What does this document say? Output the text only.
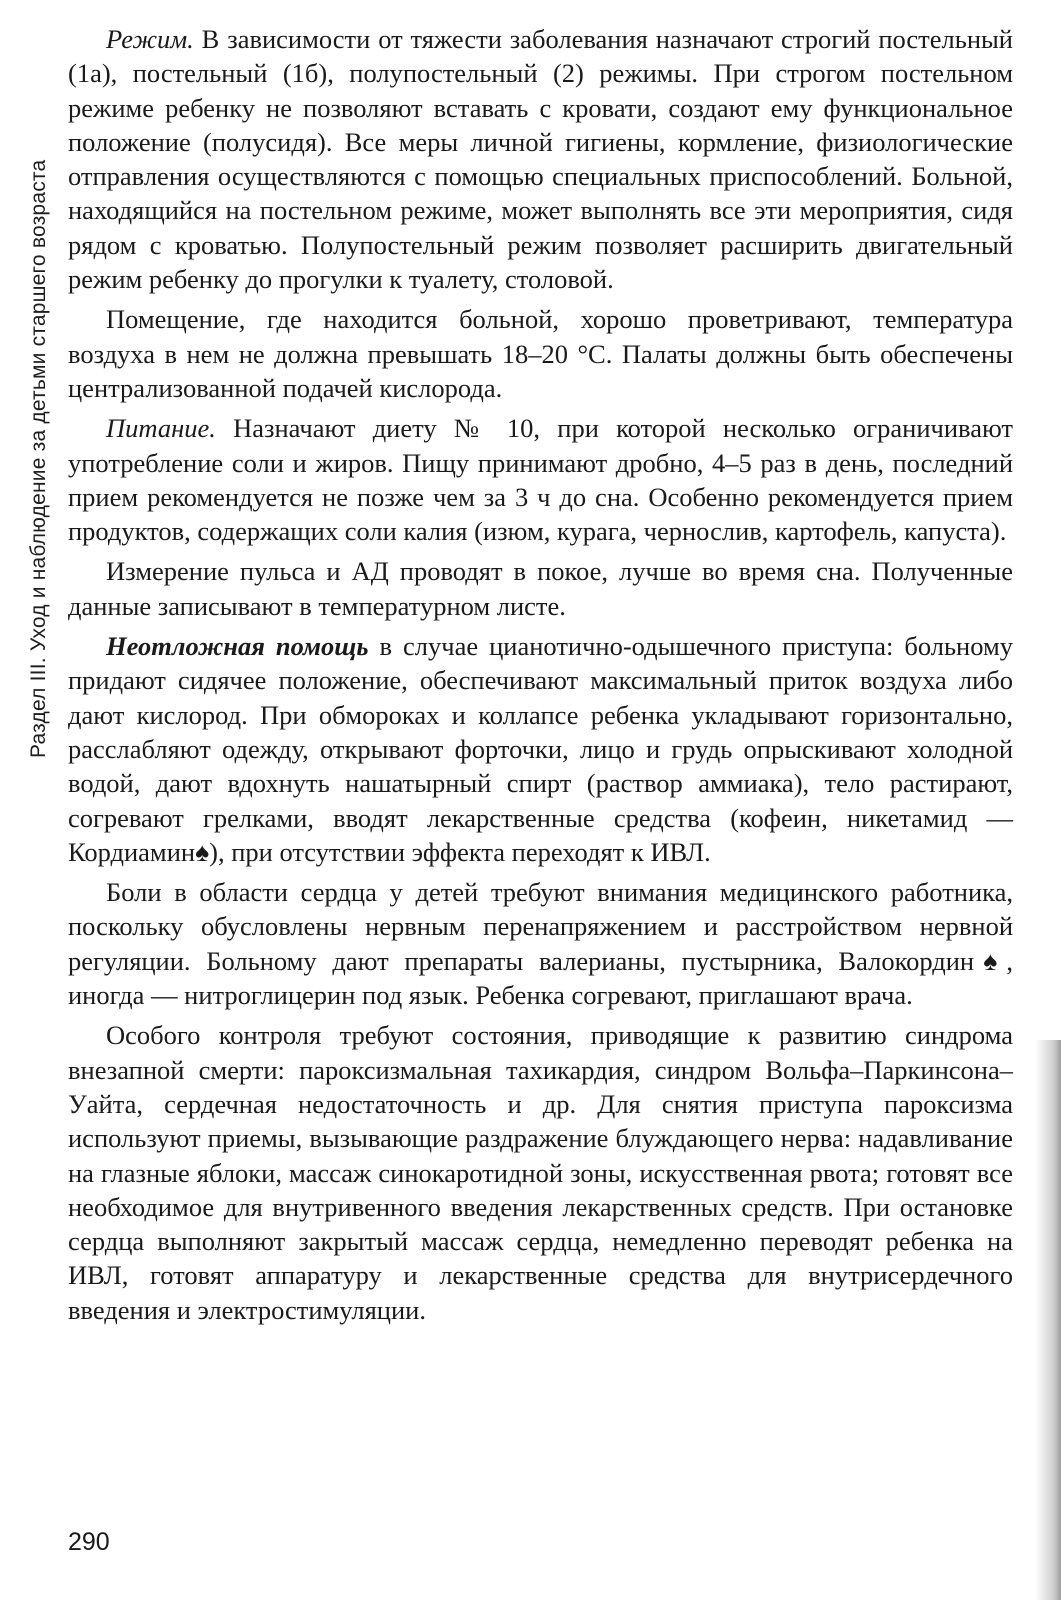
Раздел III. Уход и наблюдение за детьми старшего возраста

Режим. В зависимости от тяжести заболевания назначают строгий постельный (1а), постельный (1б), полупостельный (2) режимы. При строгом постельном режиме ребенку не позволяют вставать с кровати, создают ему функциональное положение (полусидя). Все меры личной гигиены, кормление, физиологические отправления осуществляются с помощью специальных приспособлений. Больной, находящийся на постельном режиме, может выполнять все эти мероприятия, сидя рядом с кроватью. Полупостельный режим позволяет расширить двигательный режим ребенку до прогулки к туалету, столовой.

Помещение, где находится больной, хорошо проветривают, температура воздуха в нем не должна превышать 18–20 °С. Палаты должны быть обеспечены централизованной подачей кислорода.

Питание. Назначают диету № 10, при которой несколько ограничивают употребление соли и жиров. Пищу принимают дробно, 4–5 раз в день, последний прием рекомендуется не позже чем за 3 ч до сна. Особенно рекомендуется прием продуктов, содержащих соли калия (изюм, курага, чернослив, картофель, капуста).

Измерение пульса и АД проводят в покое, лучше во время сна. Полученные данные записывают в температурном листе.

Неотложная помощь в случае цианотично-одышечного приступа: больному придают сидячее положение, обеспечивают максимальный приток воздуха либо дают кислород. При обмороках и коллапсе ребенка укладывают горизонтально, расслабляют одежду, открывают форточки, лицо и грудь опрыскивают холодной водой, дают вдохнуть нашатырный спирт (раствор аммиака), тело растирают, согревают грелками, вводят лекарственные средства (кофеин, никетамид — Кордиамин♠), при отсутствии эффекта переходят к ИВЛ.

Боли в области сердца у детей требуют внимания медицинского работника, поскольку обусловлены нервным перенапряжением и расстройством нервной регуляции. Больному дают препараты валерианы, пустырника, Валокордин♠, иногда — нитроглицерин под язык. Ребенка согревают, приглашают врача.

Особого контроля требуют состояния, приводящие к развитию синдрома внезапной смерти: пароксизмальная тахикардия, синдром Вольфа–Паркинсона–Уайта, сердечная недостаточность и др. Для снятия приступа пароксизма используют приемы, вызывающие раздражение блуждающего нерва: надавливание на глазные яблоки, массаж синокаротидной зоны, искусственная рвота; готовят все необходимое для внутривенного введения лекарственных средств. При остановке сердца выполняют закрытый массаж сердца, немедленно переводят ребенка на ИВЛ, готовят аппаратуру и лекарственные средства для внутрисердечного введения и электростимуляции.

290
